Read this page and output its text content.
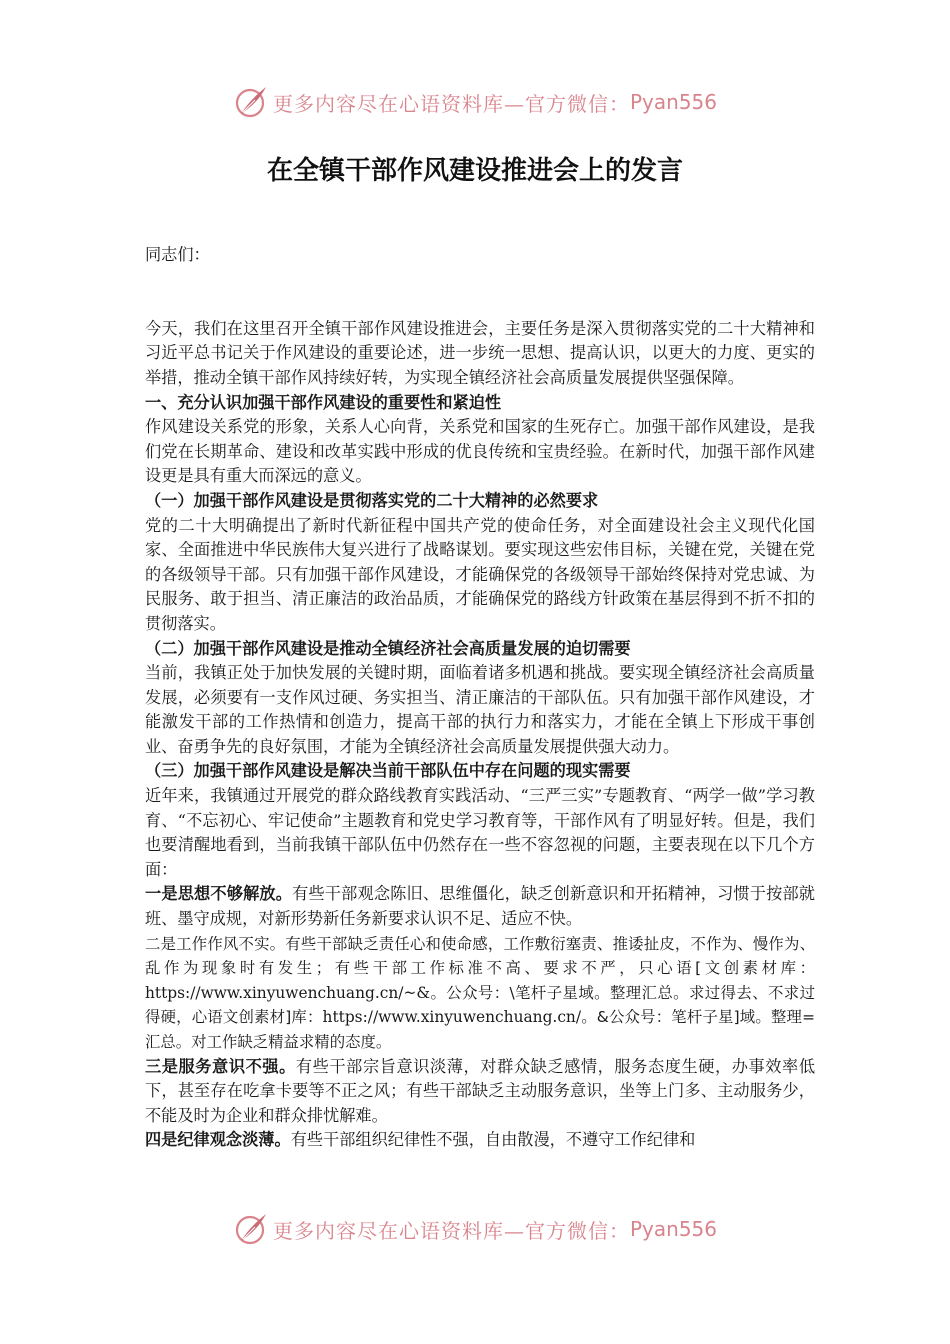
更多内容尽在心语资料库—官方微信： Pyan556
在全镇干部作风建设推进会上的发言

同志们：

今天，我们在这里召开全镇干部作风建设推进会，主要任务是深入贯彻落实党的二十大精神和习近平总书记关于作风建设的重要论述，进一步统一思想、提高认识，以更大的力度、更实的举措，推动全镇干部作风持续好转，为实现全镇经济社会高质量发展提供坚强保障。

一、充分认识加强干部作风建设的重要性和紧迫性

作风建设关系党的形象，关系人心向背，关系党和国家的生死存亡。加强干部作风建设，是我们党在长期革命、建设和改革实践中形成的优良传统和宝贵经验。在新时代，加强干部作风建设更是具有重大而深远的意义。

（一）加强干部作风建设是贯彻落实党的二十大精神的必然要求

党的二十大明确提出了新时代新征程中国共产党的使命任务，对全面建设社会主义现代化国家、全面推进中华民族伟大复兴进行了战略谋划。要实现这些宏伟目标，关键在党，关键在党的各级领导干部。只有加强干部作风建设，才能确保党的各级领导干部始终保持对党忠诚、为民服务、敢于担当、清正廉洁的政治品质，才能确保党的路线方针政策在基层得到不折不扣的贯彻落实。

（二）加强干部作风建设是推动全镇经济社会高质量发展的迫切需要

当前，我镇正处于加快发展的关键时期，面临着诸多机遇和挑战。要实现全镇经济社会高质量发展，必须要有一支作风过硬、务实担当、清正廉洁的干部队伍。只有加强干部作风建设，才能激发干部的工作热情和创造力，提高干部的执行力和落实力，才能在全镇上下形成干事创业、奋勇争先的良好氛围，才能为全镇经济社会高质量发展提供强大动力。

（三）加强干部作风建设是解决当前干部队伍中存在问题的现实需要

近年来，我镇通过开展党的群众路线教育实践活动、“三严三实”专题教育、“两学一做”学习教育、“不忘初心、牢记使命”主题教育和党史学习教育等，干部作风有了明显好转。但是，我们也要清醒地看到，当前我镇干部队伍中仍然存在一些不容忽视的问题，主要表现在以下几个方面：

一是思想不够解放。有些干部观念陈旧、思维僵化，缺乏创新意识和开拓精神，习惯于按部就班、墨守成规，对新形势新任务新要求认识不足、适应不快。

二是工作作风不实。有些干部缺乏责任心和使命感，工作敷衍塞责、推诿扯皮，不作为、慢作为、乱作为现象时有发生；有些干部工作标准不高、要求不严，只心语[文创素材库：https://www.xinyuwenchuang.cn/~&。公众号：\笔杆子星域。整理汇总。求过得去、不求过得硬，心语文创素材]库：https://www.xinyuwenchuang.cn/。&公众号：笔杆子星]域。整理=汇总。对工作缺乏精益求精的态度。

三是服务意识不强。有些干部宗旨意识淡薄，对群众缺乏感情，服务态度生硬，办事效率低下，甚至存在吃拿卡要等不正之风；有些干部缺乏主动服务意识，坐等上门多、主动服务少，不能及时为企业和群众排忧解难。

四是纪律观念淡薄。有些干部组织纪律性不强，自由散漫，不遵守工作纪律和

更多内容尽在心语资料库—官方微信： Pyan556
